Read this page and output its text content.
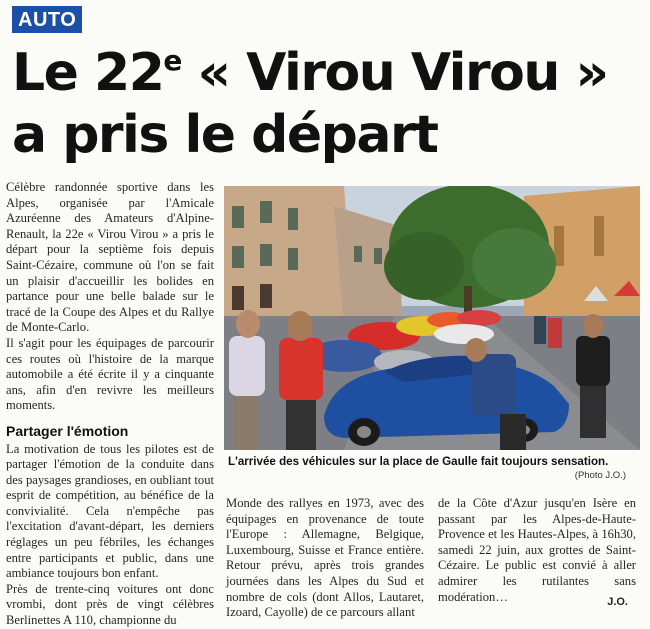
AUTO
Le 22e « Virou Virou »
a pris le départ

Célèbre randonnée sportive dans les Alpes, organisée par l'Amicale Azuréenne des Amateurs d'Alpine-Renault, la 22e « Virou Virou » a pris le départ pour la septième fois depuis Saint-Cézaire, commune où l'on se fait un plaisir d'accueillir les bolides en partance pour une belle balade sur le tracé de la Coupe des Alpes et du Rallye de Monte-Carlo.

Il s'agit pour les équipages de parcourir ces routes où l'histoire de la marque automobile a été écrite il y a cinquante ans, afin d'en revivre les meilleurs moments.

Partager l'émotion

La motivation de tous les pilotes est de partager l'émotion de la conduite dans des paysages grandioses, en oubliant tout esprit de compétition, au bénéfice de la convivialité. Cela n'empêche pas l'excitation d'avant-départ, les derniers réglages un peu fébriles, les échanges entre participants et public, dans une ambiance toujours bon enfant.

Près de trente-cinq voitures ont donc vrombi, dont près de vingt célèbres Berlinettes A 110, championne du

L'arrivée des véhicules sur la place de Gaulle fait toujours sensation.
(Photo J.O.)

Monde des rallyes en 1973, avec des équipages en provenance de toute l'Europe : Allemagne, Belgique, Luxembourg, Suisse et France entière. Retour prévu, après trois grandes journées dans les Alpes du Sud et nombre de cols (dont Allos, Lautaret, Izoard, Cayolle) de ce parcours allant

de la Côte d'Azur jusqu'en Isère en passant par les Alpes-de-Haute-Provence et les Hautes-Alpes, à 16h30, samedi 22 juin, aux grottes de Saint-Cézaire. Le public est convié à aller admirer les rutilantes sans modération…	J.O.
